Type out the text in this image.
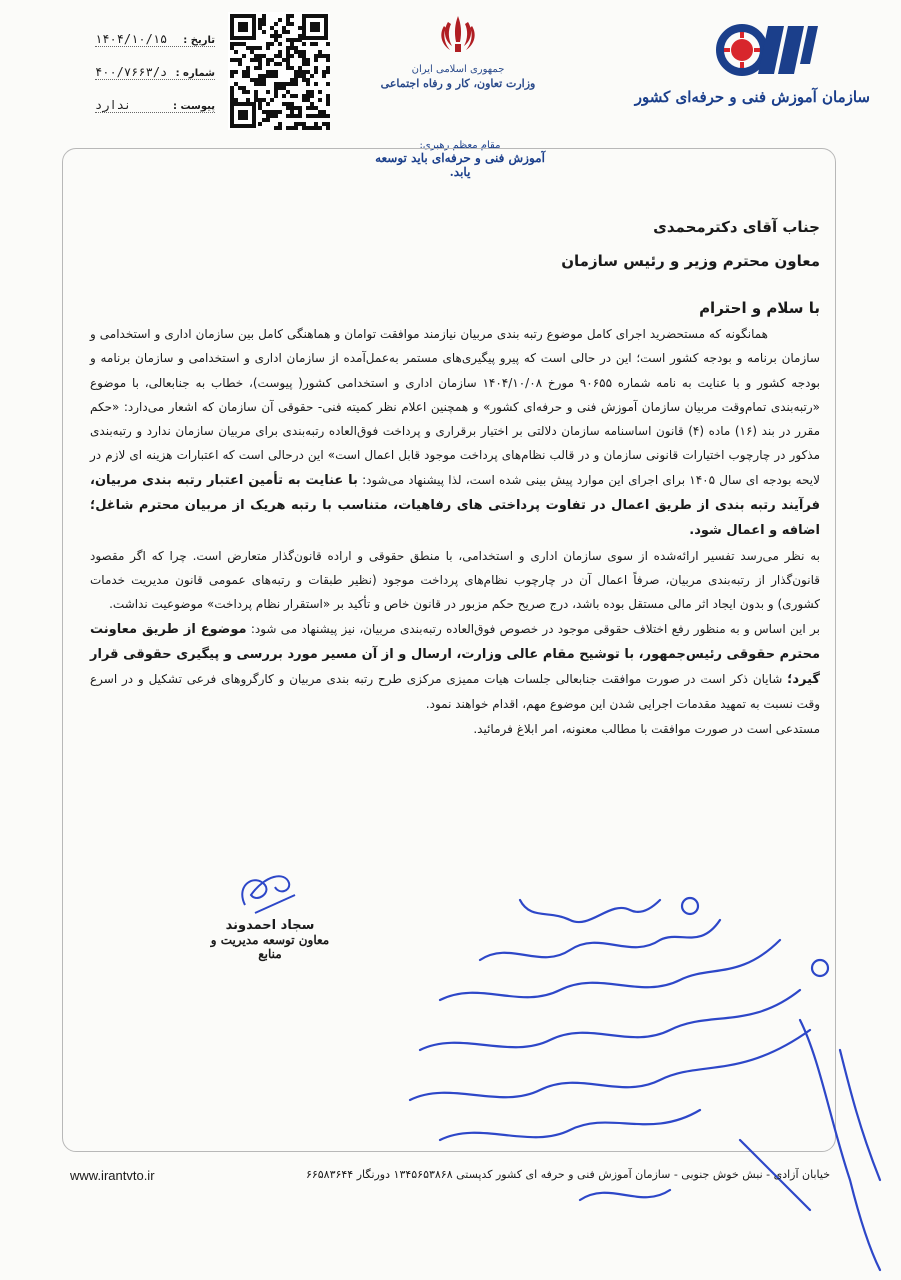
تاریخ :
۱۴۰۴/۱۰/۱۵
شماره :
۴۰۰/د/۷۶۶۳
پیوست :
ندارد
جمهوری اسلامی ایران
وزارت تعاون، کار و رفاه اجتماعی
سازمان آموزش فنی و حرفه‌ای کشور
مقام معظم رهبری:
آموزش فنی و حرفه‌ای باید توسعه یابد.
جناب آقای دکترمحمدی
معاون محترم وزیر و رئیس سازمان
با سلام و احترام

همانگونه که مستحضرید اجرای کامل موضوع رتبه بندی مربیان نیازمند موافقت توامان و هماهنگی کامل بین سازمان اداری و استخدامی و سازمان برنامه و بودجه کشور است؛ این در حالی است که پیرو پیگیری‌های مستمر به‌عمل‌آمده از سازمان اداری و استخدامی و سازمان برنامه و بودجه کشور و با عنایت به نامه شماره ۹۰۶۵۵ مورخ ۱۴۰۴/۱۰/۰۸ سازمان اداری و استخدامی کشور( پیوست)، خطاب به جنابعالی، با موضوع «رتبه‌بندی تمام‌وقت مربیان سازمان آموزش فنی و حرفه‌ای کشور» و همچنین اعلام نظر کمیته فنی- حقوقی آن سازمان که اشعار می‌دارد: «حکم مقرر در بند (۱۶) ماده (۴) قانون اساسنامه سازمان دلالتی بر اختیار برقراری و پرداخت فوق‌العاده رتبه‌بندی برای مربیان سازمان ندارد و رتبه‌بندی مذکور در چارچوب اختیارات قانونی سازمان و در قالب نظام‌های پرداخت موجود قابل اعمال است» این درحالی است که اعتبارات هزینه ای لازم در لایحه بودجه ای سال ۱۴۰۵ برای اجرای این موارد پیش بینی شده است، لذا پیشنهاد می‌شود: با عنایت به تأمین اعتبار رتبه بندی مربیان، فرآیند رتبه بندی از طریق اعمال در تفاوت پرداختی های رفاهیات، متناسب با رتبه هریک از مربیان محترم شاغل؛ اضافه و اعمال شود.

به نظر می‌رسد تفسیر ارائه‌شده از سوی سازمان اداری و استخدامی، با منطق حقوقی و اراده قانون‌گذار متعارض است. چرا که اگر مقصود قانون‌گذار از رتبه‌بندی مربیان، صرفاً اعمال آن در چارچوب نظام‌های پرداخت موجود (نظیر طبقات و رتبه‌های عمومی قانون مدیریت خدمات کشوری) و بدون ایجاد اثر مالی مستقل بوده باشد، درج صریح حکم مزبور در قانون خاص و تأکید بر «استقرار نظام پرداخت» موضوعیت نداشت.

بر این اساس و به منظور رفع اختلاف حقوقی موجود در خصوص فوق‌العاده رتبه‌بندی مربیان، نیز پیشنهاد می شود: موضوع از طریق معاونت محترم حقوقی رئیس‌جمهور، با توشیح مقام عالی وزارت، ارسال و از آن مسیر مورد بررسی و پیگیری حقوقی قرار گیرد؛ شایان ذکر است در صورت موافقت جنابعالی جلسات هیات ممیزی مرکزی طرح رتبه بندی مربیان و کارگروهای فرعی تشکیل و در اسرع وقت نسبت به تمهید مقدمات اجرایی شدن این موضوع مهم، اقدام خواهند نمود.

مستدعی است در صورت موافقت با مطالب معنونه، امر ابلاغ فرمائید.

سجاد احمدوند
معاون توسعه مدیریت و منابع
www.irantvto.ir	خیابان آزادی - نبش خوش جنوبی - سازمان آموزش فنی و حرفه ای کشور کدپستی ۱۳۴۵۶۵۳۸۶۸ دورنگار ۶۶۵۸۳۶۴۴
